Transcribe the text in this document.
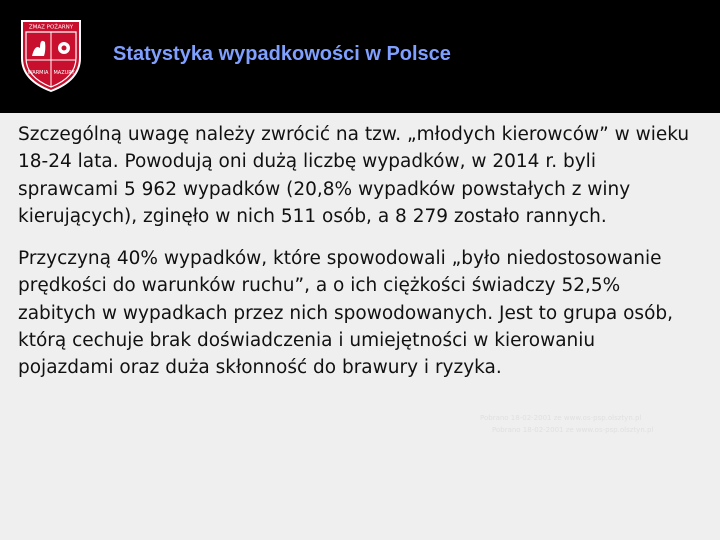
ZMAZ POŻARNY
WARMIA MAZURY
Statystyka wypadkowości w Polsce
Szczególną uwagę należy zwrócić na tzw. „młodych kierowców” w wieku
18-24 lata. Powodują oni dużą liczbę wypadków, w 2014 r. byli
sprawcami 5 962 wypadków (20,8% wypadków powstałych z winy
kierujących), zginęło w nich 511 osób, a 8 279 zostało rannych.
Przyczyną 40% wypadków, które spowodowali „było niedostosowanie
prędkości do warunków ruchu”, a o ich ciężkości świadczy 52,5%
zabitych w wypadkach przez nich spowodowanych. Jest to grupa osób,
którą cechuje brak doświadczenia i umiejętności w kierowaniu
pojazdami oraz duża skłonność do brawury i ryzyka.
Pobrano 18-02-2001 ze www.os-psp.olsztyn.pl
Pobrano 18-02-2001 ze www.os-psp.olsztyn.pl
